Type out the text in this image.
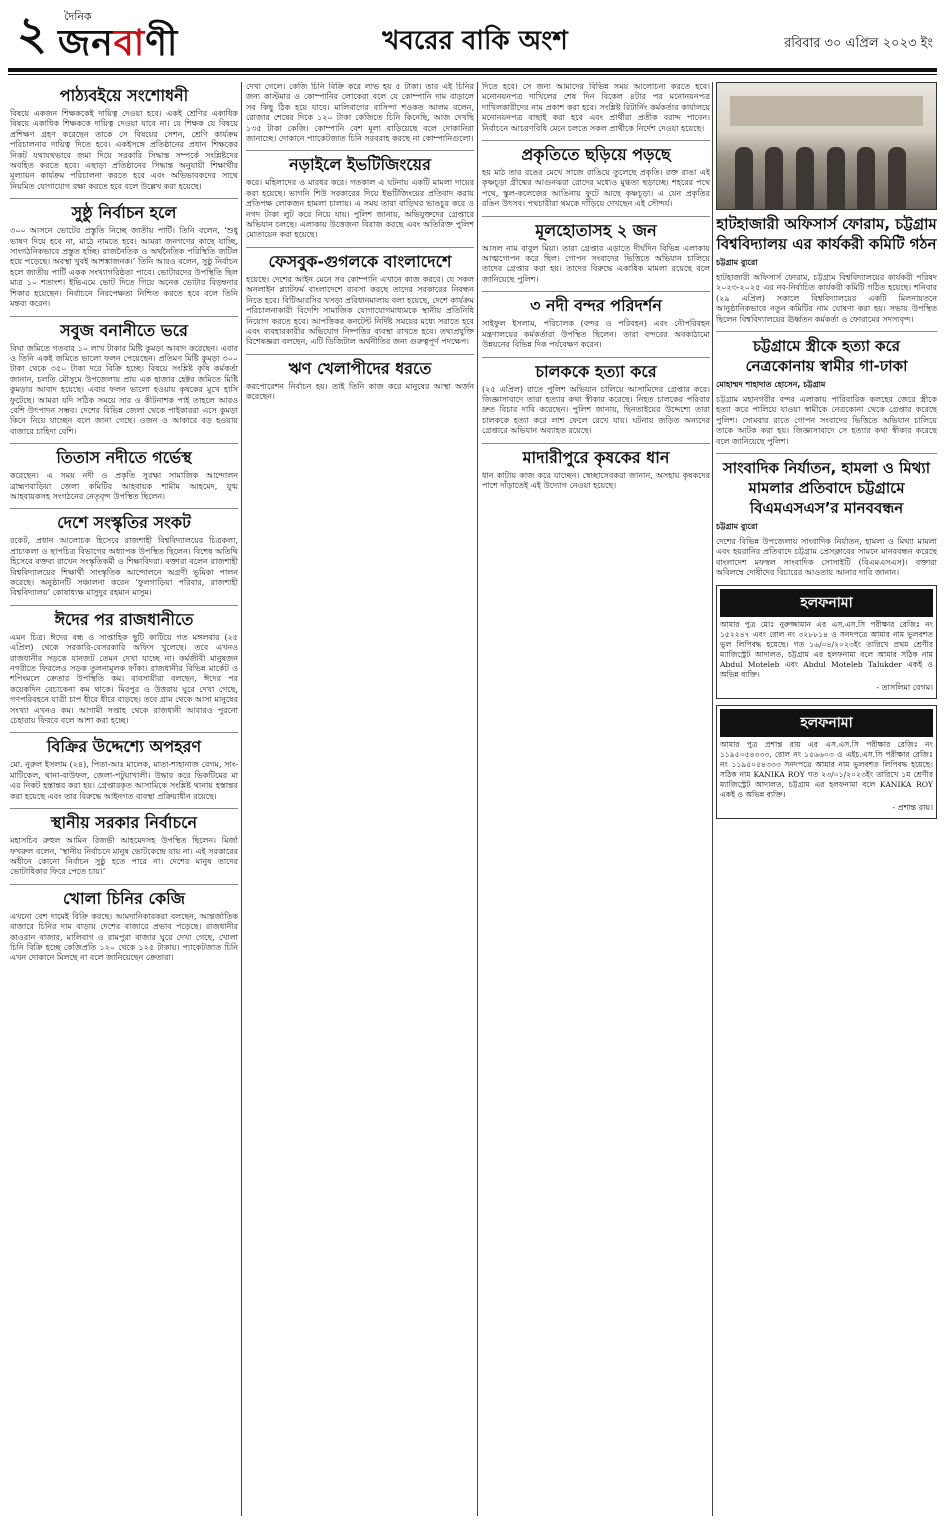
২	দৈনিক
জনবাণী	খবরের বাকি অংশ	রবিবার ৩০ এপ্রিল ২০২৩ ইং
পাঠ্যবইয়ে সংশোধনী

বিষয়ে একজন শিক্ষককেই দায়িত্ব দেওয়া হবে। একই শ্রেণির একাধিক বিষয়ে একাধিক শিক্ষককে দায়িত্ব দেওয়া যাবে না। যে শিক্ষক যে বিষয়ে প্রশিক্ষণ গ্রহণ করেছেন তাকে সে বিষয়ের সেশন, শ্রেণি কার্যক্রম পরিচালনার দায়িত্ব দিতে হবে। একইসঙ্গে প্রতিষ্ঠানের প্রধান শিক্ষকের নিকট যথাযথভাবে জমা দিয়ে সরকারি সিদ্ধান্ত সম্পর্কে সংশ্লিষ্টদের অবহিত করতে হবে। এছাড়া প্রতিষ্ঠানের সিদ্ধান্ত অনুযায়ী শিক্ষার্থীর মূল্যায়ন কার্যক্রম পরিচালনা করতে হবে এবং অভিভাবকদের সাথে নিয়মিত যোগাযোগ রক্ষা করতে হবে বলে উল্লেখ করা হয়েছে।

সুষ্ঠু নির্বাচন হলে

৩০০ আসনে ভোটের প্রস্তুতি নিচ্ছে জাতীয় পার্টি। তিনি বলেন, ‘শুধু ভাষণ দিয়ে হবে না, মাঠে নামতে হবে। আমরা জনগণের কাছে যাচ্ছি, সাংগঠনিকভাবে প্রস্তুত হচ্ছি। রাজনৈতিক ও অর্থনৈতিক পরিস্থিতি জটিল হয়ে পড়েছে। অবস্থা খুবই আশঙ্কাজনক।’ তিনি আরও বলেন, সুষ্ঠু নির্বাচন হলে জাতীয় পার্টি একক সংখ্যাগরিষ্ঠতা পাবে। ভোটারদের উপস্থিতি ছিল মাত্র ১০ শতাংশ। ইভিএমে ভোট দিতে গিয়ে অনেক ভোটার বিড়ম্বনার শিকার হয়েছেন। নির্বাচনে নিরপেক্ষতা নিশ্চিত করতে হবে বলে তিনি মন্তব্য করেন।

সবুজ বনানীতে ভরে

বিঘা জমিতে গতবার ১০ লাখ টাকার মিষ্টি কুমড়া আবাদ করেছেন। এবার ও তিনি একই জমিতে ভালো ফলন পেয়েছেন। প্রতিমণ মিষ্টি কুমড়া ৩০০ টাকা থেকে ৩৫০ টাকা দরে বিক্রি হচ্ছে। বিষয়ে সংশ্লিষ্ট কৃষি কর্মকর্তা জানান, চলতি মৌসুমে উপজেলায় প্রায় এক হাজার হেক্টর জমিতে মিষ্টি কুমড়ার আবাদ হয়েছে। এবার ফলন ভালো হওয়ায় কৃষকের মুখে হাসি ফুটেছে। আমরা যদি সঠিক সময়ে সার ও কীটনাশক পাই তাহলে আরও বেশি উৎপাদন সম্ভব। দেশের বিভিন্ন জেলা থেকে পাইকাররা এসে কুমড়া কিনে নিয়ে যাচ্ছেন বলে জানা গেছে। ওজন ও আকারে বড় হওয়ায় বাজারে চাহিদা বেশি।

তিতাস নদীতে গর্ভেস্থ

করেছেন। এ সময় নদী ও প্রকৃতি সুরক্ষা সামাজিক আন্দোলন ব্রাহ্মণবাড়িয়া জেলা কমিটির আহবায়ক শামীম আহমেদ, যুগ্ম আহবায়কসহ সংগঠনের নেতৃবৃন্দ উপস্থিত ছিলেন।

দেশে সংস্কৃতির সংকট

রকেট, প্রধান আলোচক হিসেবে রাজশাহী বিশ্ববিদ্যালয়ের চিত্রকলা, প্রাচ্যকলা ও ছাপচিত্র বিভাগের অধ্যাপক উপস্থিত ছিলেন। বিশেষ অতিথি হিসেবে বক্তব্য রাখেন সংস্কৃতিকর্মী ও শিক্ষাবিদরা। বক্তারা বলেন রাজশাহী বিশ্ববিদ্যালয়ের শিক্ষার্থী সাংস্কৃতিক আন্দোলনে অগ্রণী ভূমিকা পালন করেছে। অনুষ্ঠানটি সঞ্চালনা করেন ‘ফুলগাড়িয়া পরিবার, রাজশাহী বিশ্ববিদ্যালয়’ কোষাধ্যক্ষ মাসুদুর রহমান মাসুম।

ঈদের পর রাজধানীতে

এমন চিত্র। ঈদের বন্ধ ও সাপ্তাহিক ছুটি কাটিয়ে গত মঙ্গলবার (২৫ এপ্রিল) থেকে সরকারি-বেসরকারি অফিস খুলেছে। তবে এখনও রাজধানীর সড়কে যানজট তেমন দেখা যাচ্ছে না। কর্মজীবী মানুষজন নগরীতে ফিরলেও সড়ক তুলনামূলক ফাঁকা। রাজধানীর বিভিন্ন মার্কেট ও শপিংমলে ক্রেতার উপস্থিতি কম। ব্যবসায়ীরা বলছেন, ঈদের পর কয়েকদিন বেচাকেনা কম থাকে। মিরপুর ও উত্তরায় ঘুরে দেখা গেছে, গণপরিবহনে যাত্রী চাপ ধীরে ধীরে বাড়ছে। তবে গ্রাম থেকে আসা মানুষের সংখ্যা এখনও কম। আগামী সপ্তাহ থেকে রাজধানী আবারও পুরনো চেহারায় ফিরবে বলে আশা করা হচ্ছে।

বিক্রির উদ্দেশ্যে অপহরণ

মো. নুরুল ইসলাম (২৪), পিতা-আঃ মালেক, মাতা-শাহানাজ বেগম, সাং-মাটিকেল, থানা-বাউফল, জেলা-পটুয়াখালী। উদ্ধার করে ভিকটিমের মা এর নিকট হস্তান্তর করা হয়। গ্রেপ্তারকৃত আসামিকে সংশ্লিষ্ট থানায় হস্তান্তর করা হয়েছে এবং তার বিরুদ্ধে আইনগত ব্যবস্থা প্রক্রিয়াধীন রয়েছে।

স্থানীয় সরকার নির্বাচনে

মহাসচিব রুহুল আমিন রিজভী আহমেদসহ উপস্থিত ছিলেন। মির্জা ফখরুল বলেন, ‘স্থানীয় নির্বাচনে মানুষ ভোটকেন্দ্রে যায় না। এই সরকারের অধীনে কোনো নির্বাচন সুষ্ঠু হতে পারে না। দেশের মানুষ তাদের ভোটাধিকার ফিরে পেতে চায়।’

খোলা চিনির কেজি

এখনো বেশ দামেই বিক্রি করছে। আমদানিকারকরা বলছেন, আন্তর্জাতিক বাজারে চিনির দাম বাড়ায় দেশের বাজারে প্রভাব পড়েছে। রাজধানীর কাওরান বাজার, মালিবাগ ও রামপুরা বাজার ঘুরে দেখা গেছে, খোলা চিনি বিক্রি হচ্ছে কেজিপ্রতি ১২০ থেকে ১২৫ টাকায়। প্যাকেটজাত চিনি এখন দোকানে মিলছে না বলে জানিয়েছেন ক্রেতারা।

দেখা গেলে। কেজি চিনি বিক্রি করে লাভ হয় ৫ টাকা। তার এই চিনির জন্য কাস্টমার ও কোম্পানির লোকেরা বলে যে কোম্পানি দাম বাড়ালে সব কিছু ঠিক হয়ে যাবে। মালিবাগের বাসিন্দা শওকত আলম বলেন, রোজার শেষের দিকে ১২০ টাকা কেজিতে চিনি কিনেছি, আজ দেখছি ১৩৫ টাকা কেজি। কোম্পানি বেশ মূল্য বাড়িয়েছে বলে দোকানিরা জানাচ্ছে। দোকানে প্যাকেটজাত চিনি সরবরাহ করছে না কোম্পানিগুলো।

নড়াইলে ইভটিজিংয়ের

করে। মহিলাদের ও মারধর করে। গতকাল এ ঘটনায় একটি মামলা দায়ের করা হয়েছে। ভাগনি শিউ সরকারের দিয়ে ইভটিজিংয়ের প্রতিবাদ করায় প্রতিপক্ষ লোকজন হামলা চালায়। এ সময় তারা বাড়িঘর ভাঙচুর করে ও নগদ টাকা লুট করে নিয়ে যায়। পুলিশ জানায়, অভিযুক্তদের গ্রেপ্তারে অভিযান চলছে। এলাকায় উত্তেজনা বিরাজ করছে এবং অতিরিক্ত পুলিশ মোতায়েন করা হয়েছে।

ফেসবুক-গুগলকে বাংলাদেশে

হয়েছে। দেশের আইন মেনে সব কোম্পানি এখানে কাজ করবে। যে সকল অনলাইন প্ল্যাটফর্ম বাংলাদেশে ব্যবসা করছে তাদের সরকারের নিবন্ধন নিতে হবে। বিটিআরসির খসড়া প্রবিধানমালায় বলা হয়েছে, দেশে কার্যক্রম পরিচালনাকারী বিদেশি সামাজিক যোগাযোগমাধ্যমকে স্থানীয় প্রতিনিধি নিয়োগ করতে হবে। আপত্তিকর কনটেন্ট নির্দিষ্ট সময়ের মধ্যে সরাতে হবে এবং ব্যবহারকারীর অভিযোগ নিষ্পত্তির ব্যবস্থা রাখতে হবে। তথ্যপ্রযুক্তি বিশেষজ্ঞরা বলছেন, এটি ডিজিটাল অর্থনীতির জন্য গুরুত্বপূর্ণ পদক্ষেপ।

ঋণ খেলাপীদের ধরতে

করপোরেশন নির্বাচন হয়। তাই তিনি কাজ করে মানুষের আস্থা অর্জন করেছেন।

দিতে হবে। সে জন্য আমাদের বিভিন্ন সময় আলোচনা করতে হবে। মনোনয়নপত্র দাখিলের শেষ দিন বিকেল ৪টার পর মনোনয়নপত্র দাখিলকারীদের নাম প্রকাশ করা হবে। সংশ্লিষ্ট রিটার্নিং কর্মকর্তার কার্যালয়ে মনোনয়নপত্র বাছাই করা হবে এবং প্রার্থীরা প্রতীক বরাদ্দ পাবেন। নির্বাচনে আচরণবিধি মেনে চলতে সকল প্রার্থীকে নির্দেশ দেওয়া হয়েছে।

প্রকৃতিতে ছড়িয়ে পড়ছে

হয় মাঠ তার রঙের মেখে সাজে রাঙিয়ে তুলেছে প্রকৃতি। রক্ত রাঙা এই কৃষ্ণচূড়া গ্রীষ্মের আগুনঝরা রোদের মধ্যেও মুগ্ধতা ছড়াচ্ছে। শহরের পথে পথে, স্কুল-কলেজের আঙিনায় ফুটে আছে কৃষ্ণচূড়া। এ যেন প্রকৃতির রঙিন উৎসব। পথচারীরা থমকে দাঁড়িয়ে দেখছেন এই সৌন্দর্য।

মূলহোতাসহ ২ জন

আসল নাম বাবুল মিয়া। তারা গ্রেপ্তার এড়াতে দীর্ঘদিন বিভিন্ন এলাকায় আত্মগোপন করে ছিল। গোপন সংবাদের ভিত্তিতে অভিযান চালিয়ে তাদের গ্রেপ্তার করা হয়। তাদের বিরুদ্ধে একাধিক মামলা রয়েছে বলে জানিয়েছে পুলিশ।

৩ নদী বন্দর পরিদর্শন

সাইফুল ইসলাম, পরিচালক (বন্দর ও পরিবহন) এবং নৌপরিবহন মন্ত্রণালয়ের কর্মকর্তারা উপস্থিত ছিলেন। তারা বন্দরের অবকাঠামো উন্নয়নের বিভিন্ন দিক পর্যবেক্ষণ করেন।

চালককে হত্যা করে

(২৫ এপ্রিল) রাতে পুলিশ অভিযান চালিয়ে আসামিদের গ্রেপ্তার করে। জিজ্ঞাসাবাদে তারা হত্যার কথা স্বীকার করেছে। নিহত চালকের পরিবার দ্রুত বিচার দাবি করেছেন। পুলিশ জানায়, ছিনতাইয়ের উদ্দেশ্যে তারা চালককে হত্যা করে লাশ ফেলে রেখে যায়। ঘটনায় জড়িত অন্যদের গ্রেপ্তারে অভিযান অব্যাহত রয়েছে।

মাদারীপুরে কৃষকের ধান

ধান কাটায় কাজ করে যাচ্ছেন। স্বেচ্ছাসেবকরা জানান, অসহায় কৃষকদের পাশে দাঁড়াতেই এই উদ্যোগ নেওয়া হয়েছে।

হাটহাজারী অফিসার্স ফোরাম, চট্টগ্রাম বিশ্ববিদ্যালয় এর কার্যকরী কমিটি গঠন
চট্টগ্রাম ব্যুরো

হাটহাজারী অফিসার্স ফোরাম, চট্টগ্রাম বিশ্ববিদ্যালয়ের কার্যকরী পরিষদ ২০২৩-২০২৫ এর নব-নির্বাচিত কার্যকরী কমিটি গঠিত হয়েছে। শনিবার (২৯ এপ্রিল) সকালে বিশ্ববিদ্যালয়ের একটি মিলনায়তনে আনুষ্ঠানিকভাবে নতুন কমিটির নাম ঘোষণা করা হয়। সভায় উপস্থিত ছিলেন বিশ্ববিদ্যালয়ের ঊর্ধ্বতন কর্মকর্তা ও ফোরামের সদস্যবৃন্দ।

চট্টগ্রামে স্ত্রীকে হত্যা করে নেত্রকোনায় স্বামীর গা-ঢাকা
মোহাম্মদ শাহাদাত হোসেন, চট্টগ্রাম

চট্টগ্রাম মহানগরীর বন্দর এলাকায় পারিবারিক কলহের জেরে স্ত্রীকে হত্যা করে পালিয়ে যাওয়া স্বামীকে নেত্রকোনা থেকে গ্রেপ্তার করেছে পুলিশ। সোমবার রাতে গোপন সংবাদের ভিত্তিতে অভিযান চালিয়ে তাকে আটক করা হয়। জিজ্ঞাসাবাদে সে হত্যার কথা স্বীকার করেছে বলে জানিয়েছে পুলিশ।

সাংবাদিক নির্যাতন, হামলা ও মিথ্যা মামলার প্রতিবাদে চট্টগ্রামে বিএমএসএস’র মানববন্ধন
চট্টগ্রাম ব্যুরো

দেশের বিভিন্ন উপজেলায় সাংবাদিক নির্যাতন, হামলা ও মিথ্যা মামলা এবং হয়রানির প্রতিবাদে চট্টগ্রাম প্রেসক্লাবের সামনে মানববন্ধন করেছে বাংলাদেশ মফস্বল সাংবাদিক সোসাইটি (বিএমএসএস)। বক্তারা অবিলম্বে দোষীদের বিচারের আওতায় আনার দাবি জানান।

হলফনামা

আমার পুত্র মোঃ নুরুজ্জামান এর এস.এস.সি পরীক্ষার রেজিঃ নং ১৫২২৪৭ এবং রোল নং ৩২৮৮১৪ ও সনদপত্রে আমার নাম ভুলবশত ভুল লিপিবদ্ধ হয়েছে। গত ১৬/০৪/২০২৩ইং তারিখে প্রথম শ্রেণীর ম্যাজিস্ট্রেট আদালত, চট্টগ্রাম এর হলফনামা বলে আমার সঠিক নাম Abdul Moteleb এবং Abdul Moteleb Talukder একই ও অভিন্ন ব্যক্তি।

- তাসলিমা বেগম।
হলফনামা

আমার পুত্র প্রশান্ত রায় এর এস.এস.সি পরীক্ষার রেজিঃ নং ১১৯৫০৫৪৩৩৩, রোল নং ১৫৬৬০৩ ও এইচ.এস.সি পরীক্ষার রেজিঃ নং ১১৯৫০৫৪৩৩৩ সনদপত্রে আমার নাম ভুলবশত লিপিবদ্ধ হয়েছে। সঠিক নাম KANIKA ROY গত ২৩/০১/২০২৩ইং তারিখে ১ম শ্রেণীর ম্যাজিস্ট্রেট আদালত, চট্টগ্রাম এর হলফনামা বলে KANIKA ROY একই ও অভিন্ন ব্যক্তি।

- প্রশান্ত রায়।
